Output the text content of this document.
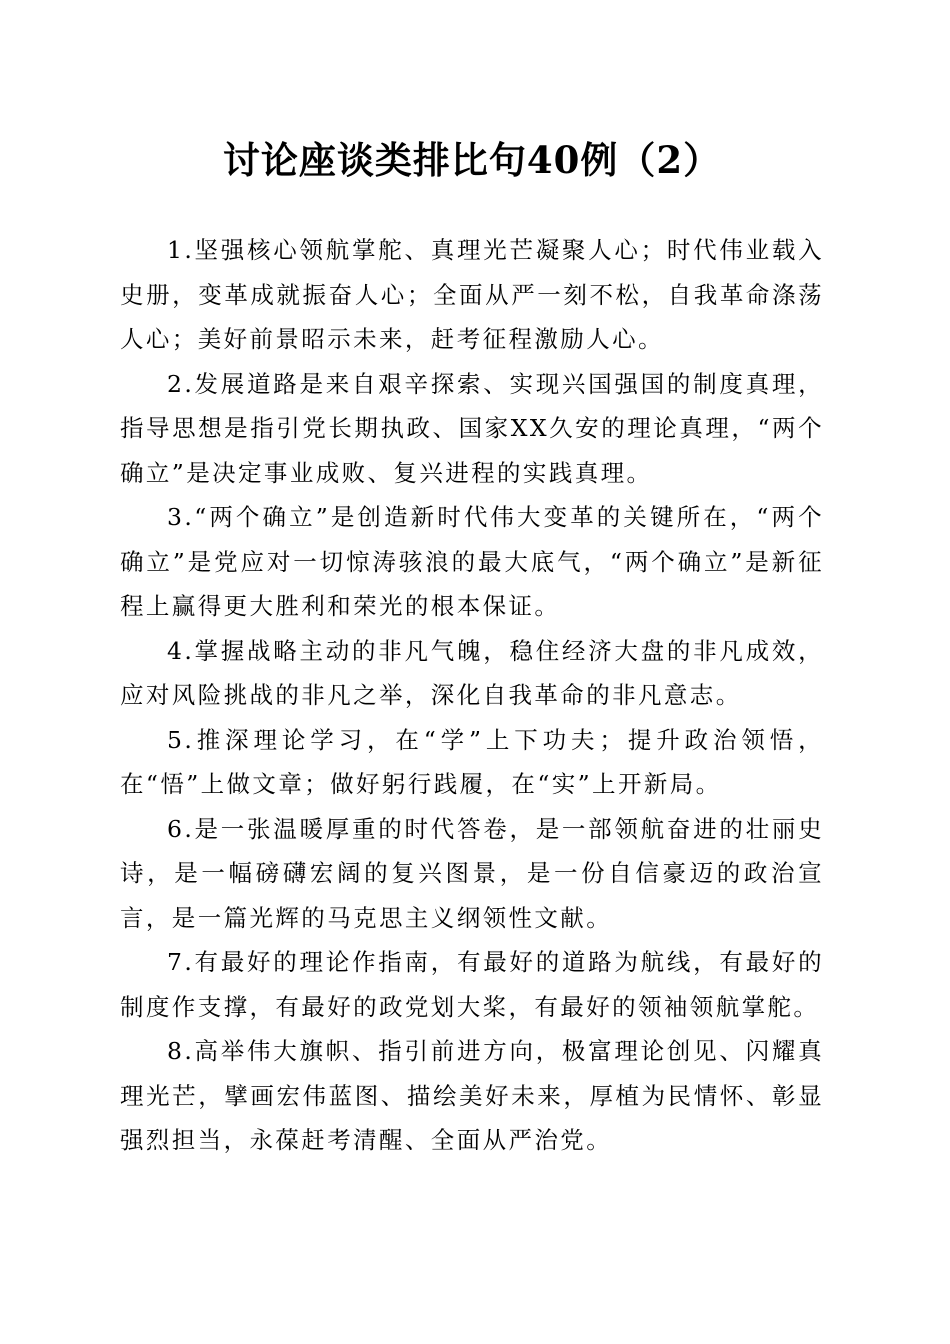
讨论座谈类排比句40例（2）

1.坚强核心领航掌舵、真理光芒凝聚人心；时代伟业载入史册，变革成就振奋人心；全面从严一刻不松，自我革命涤荡人心；美好前景昭示未来，赶考征程激励人心。

2.发展道路是来自艰辛探索、实现兴国强国的制度真理，指导思想是指引党长期执政、国家XX久安的理论真理，“两个确立”是决定事业成败、复兴进程的实践真理。

3.“两个确立”是创造新时代伟大变革的关键所在，“两个确立”是党应对一切惊涛骇浪的最大底气，“两个确立”是新征程上赢得更大胜利和荣光的根本保证。

4.掌握战略主动的非凡气魄，稳住经济大盘的非凡成效，应对风险挑战的非凡之举，深化自我革命的非凡意志。

5.推深理论学习，在“学”上下功夫；提升政治领悟，在“悟”上做文章；做好躬行践履，在“实”上开新局。

6.是一张温暖厚重的时代答卷，是一部领航奋进的壮丽史诗，是一幅磅礴宏阔的复兴图景，是一份自信豪迈的政治宣言，是一篇光辉的马克思主义纲领性文献。

7.有最好的理论作指南，有最好的道路为航线，有最好的制度作支撑，有最好的政党划大桨，有最好的领袖领航掌舵。

8.高举伟大旗帜、指引前进方向，极富理论创见、闪耀真理光芒，擘画宏伟蓝图、描绘美好未来，厚植为民情怀、彰显强烈担当，永葆赶考清醒、全面从严治党。
